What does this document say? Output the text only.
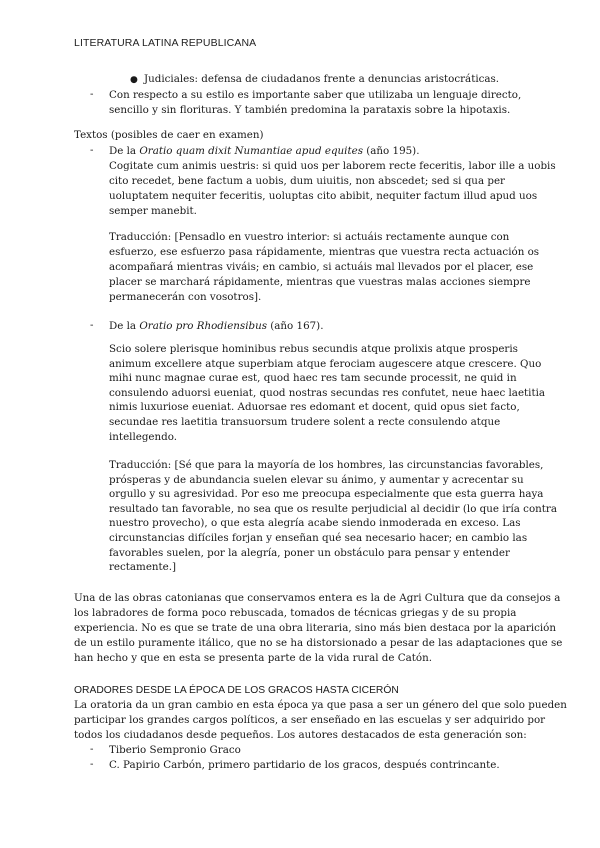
LITERATURA LATINA REPUBLICANA
● Judiciales: defensa de ciudadanos frente a denuncias aristocráticas.
- Con respecto a su estilo es importante saber que utilizaba un lenguaje directo,
sencillo y sin florituras. Y también predomina la parataxis sobre la hipotaxis.
Textos (posibles de caer en examen)
- De la Oratio quam dixit Numantiae apud equites (año 195).
Cogitate cum animis uestris: si quid uos per laborem recte feceritis, labor ille a uobis
cito recedet, bene factum a uobis, dum uiuitis, non abscedet; sed si qua per
uoluptatem nequiter feceritis, uoluptas cito abibit, nequiter factum illud apud uos
semper manebit.
Traducción: [Pensadlo en vuestro interior: si actuáis rectamente aunque con
esfuerzo, ese esfuerzo pasa rápidamente, mientras que vuestra recta actuación os
acompañará mientras viváis; en cambio, si actuáis mal llevados por el placer, ese
placer se marchará rápidamente, mientras que vuestras malas acciones siempre
permanecerán con vosotros].
- De la Oratio pro Rhodiensibus (año 167).
Scio solere plerisque hominibus rebus secundis atque prolixis atque prosperis
animum excellere atque superbiam atque ferociam augescere atque crescere. Quo
mihi nunc magnae curae est, quod haec res tam secunde processit, ne quid in
consulendo aduorsi eueniat, quod nostras secundas res confutet, neue haec laetitia
nimis luxuriose eueniat. Aduorsae res edomant et docent, quid opus siet facto,
secundae res laetitia transuorsum trudere solent a recte consulendo atque
intellegendo.
Traducción: [Sé que para la mayoría de los hombres, las circunstancias favorables,
prósperas y de abundancia suelen elevar su ánimo, y aumentar y acrecentar su
orgullo y su agresividad. Por eso me preocupa especialmente que esta guerra haya
resultado tan favorable, no sea que os resulte perjudicial al decidir (lo que iría contra
nuestro provecho), o que esta alegría acabe siendo inmoderada en exceso. Las
circunstancias difíciles forjan y enseñan qué sea necesario hacer; en cambio las
favorables suelen, por la alegría, poner un obstáculo para pensar y entender
rectamente.]
Una de las obras catonianas que conservamos entera es la de Agri Cultura que da consejos a
los labradores de forma poco rebuscada, tomados de técnicas griegas y de su propia
experiencia. No es que se trate de una obra literaria, sino más bien destaca por la aparición
de un estilo puramente itálico, que no se ha distorsionado a pesar de las adaptaciones que se
han hecho y que en esta se presenta parte de la vida rural de Catón.
ORADORES DESDE LA ÉPOCA DE LOS GRACOS HASTA CICERÓN
La oratoria da un gran cambio en esta época ya que pasa a ser un género del que solo pueden
participar los grandes cargos políticos, a ser enseñado en las escuelas y ser adquirido por
todos los ciudadanos desde pequeños. Los autores destacados de esta generación son:
- Tiberio Sempronio Graco
- C. Papirio Carbón, primero partidario de los gracos, después contrincante.
